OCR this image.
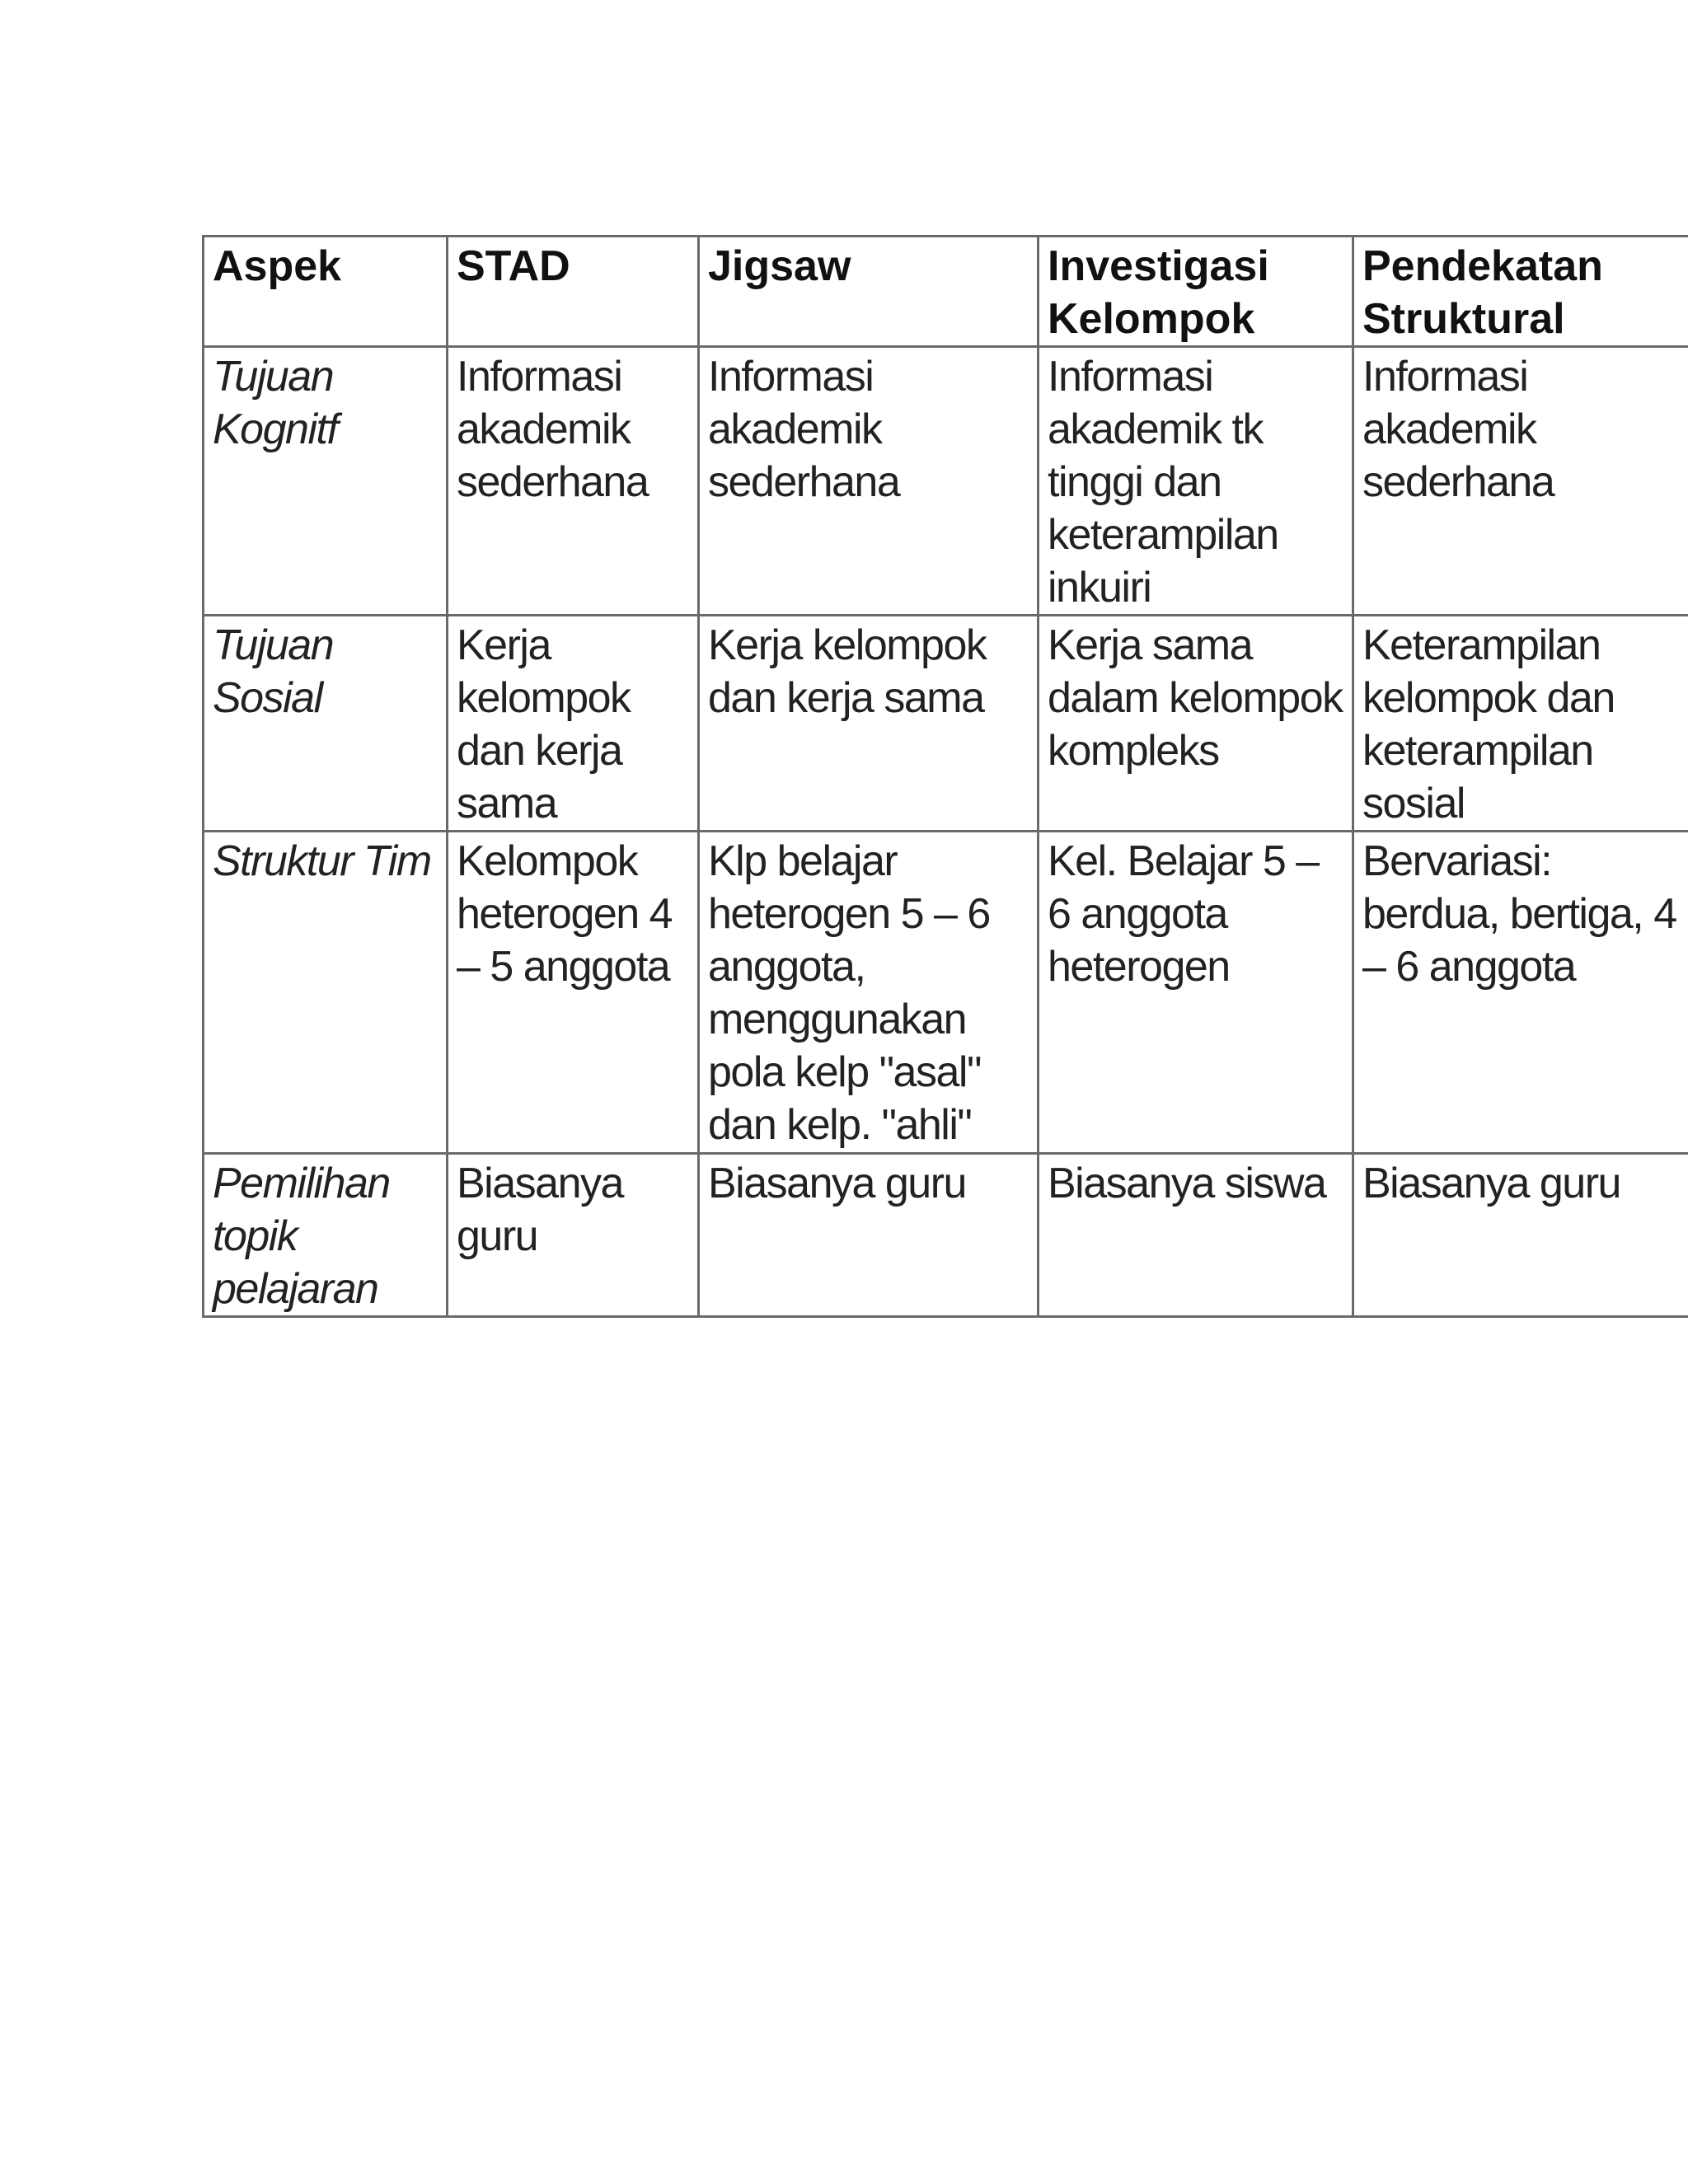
Aspek	STAD	Jigsaw	Investigasi Kelompok	Pendekatan Struktural
Tujuan Kognitf	Informasi akademik sederhana	Informasi akademik sederhana	Informasi akademik tk tinggi dan keterampilan inkuiri	Informasi akademik sederhana
Tujuan Sosial	Kerja kelompok dan kerja sama	Kerja kelompok dan kerja sama	Kerja sama dalam kelompok kompleks	Keterampilan kelompok dan keterampilan sosial
Struktur Tim	Kelompok heterogen 4 – 5 anggota	Klp belajar heterogen 5 – 6 anggota, menggunakan pola kelp "asal" dan kelp. "ahli"	Kel. Belajar 5 – 6 anggota heterogen	Bervariasi: berdua, bertiga, 4 – 6 anggota
Pemilihan topik pelajaran	Biasanya guru	Biasanya guru	Biasanya siswa	Biasanya guru
